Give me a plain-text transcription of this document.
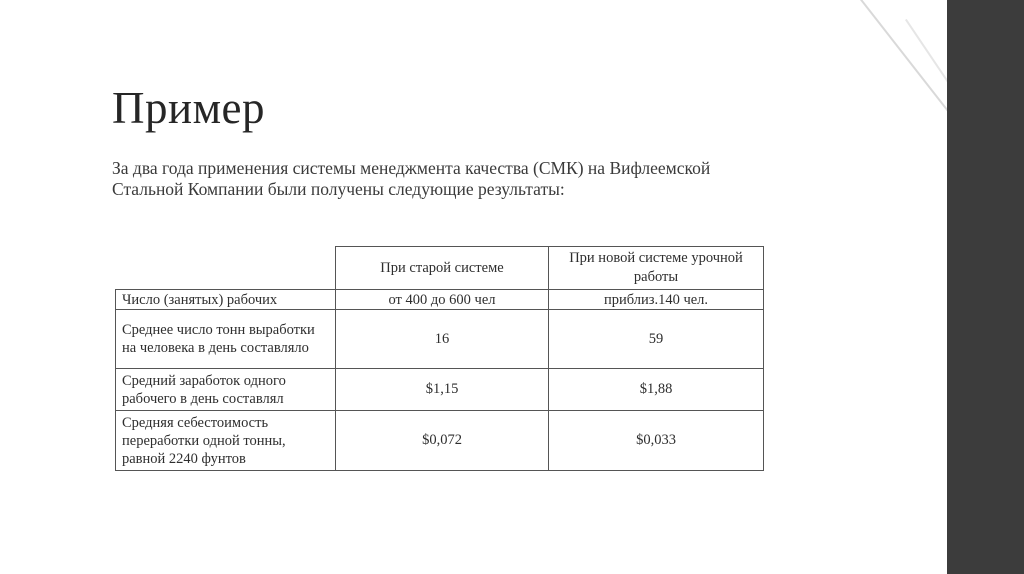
Пример
За два года применения системы менеджмента качества (СМК) на Вифлеемской Стальной Компании были получены следующие результаты:
	При старой системе	При новой системе урочной работы
Число (занятых) рабочих	от 400 до 600 чел	приблиз.140 чел.
Среднее число тонн выработки на человека в день составляло	16	59
Средний заработок одного рабочего в день составлял	$1,15	$1,88
Средняя себестоимость переработки одной тонны, равной 2240 фунтов	$0,072	$0,033
